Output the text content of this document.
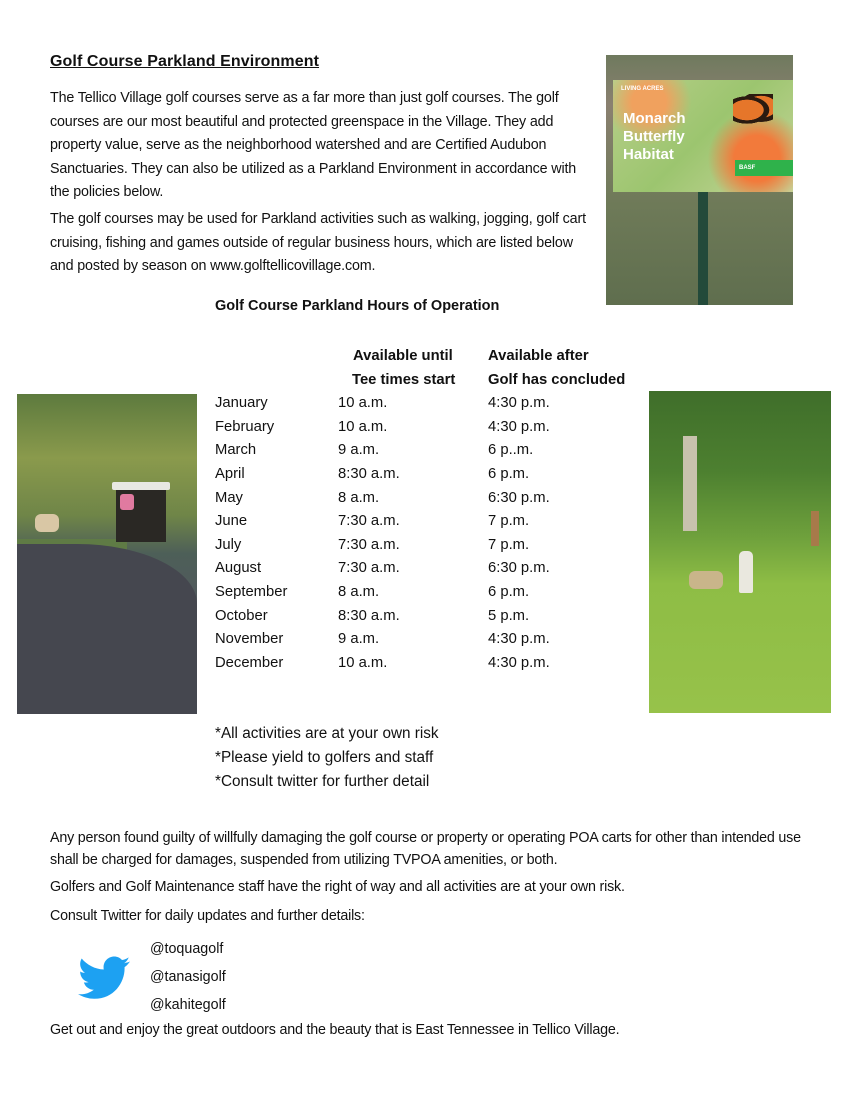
Golf Course Parkland Environment
The Tellico Village golf courses serve as a far more than just golf courses. The golf courses are our most beautiful and protected greenspace in the Village. They add property value, serve as the neighborhood watershed and are Certified Audubon Sanctuaries. They can also be utilized as a Parkland Environment in accordance with the policies below.
The golf courses may be used for Parkland activities such as walking, jogging, golf cart cruising, fishing and games outside of regular business hours, which are listed below and posted by season on www.golftellicovillage.com.
LIVING ACRES
Monarch Butterfly Habitat
BASF
Golf Course Parkland Hours of Operation
Available until	Available after
Tee times start	Golf has concluded
January	10 a.m.	4:30 p.m.
February	10 a.m.	4:30 p.m.
March	9 a.m.	6 p..m.
April	8:30 a.m.	6 p.m.
May	8 a.m.	6:30 p.m.
June	7:30 a.m.	7 p.m.
July	7:30 a.m.	7 p.m.
August	7:30 a.m.	6:30 p.m.
September	8 a.m.	6 p.m.
October	8:30 a.m.	5 p.m.
November	9 a.m.	4:30 p.m.
December	10 a.m.	4:30 p.m.
*All activities are at your own risk
*Please yield to golfers and staff
*Consult twitter for further detail
Any person found guilty of willfully damaging the golf course or property or operating POA carts for other than intended use shall be charged for damages, suspended from utilizing TVPOA amenities, or both.
Golfers and Golf Maintenance staff have the right of way and all activities are at your own risk.
Consult Twitter for daily updates and further details:
@toquagolf
@tanasigolf
@kahitegolf
Get out and enjoy the great outdoors and the beauty that is East Tennessee in Tellico Village.
